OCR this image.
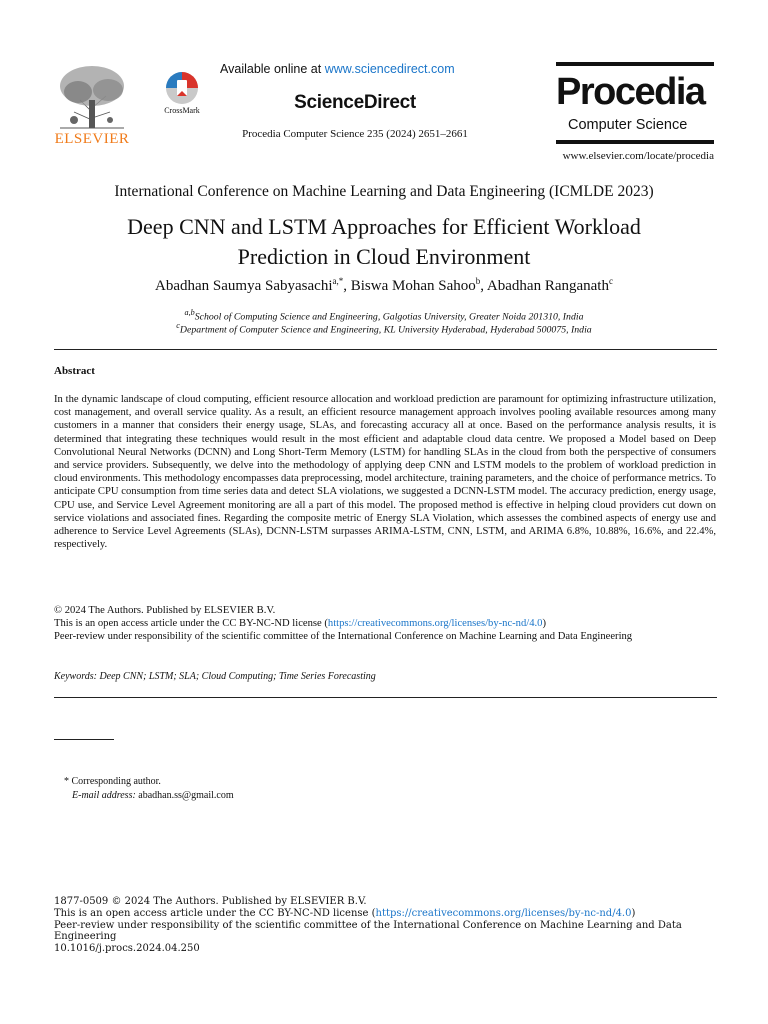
ELSEVIER
CrossMark
Available online at www.sciencedirect.com
ScienceDirect
Procedia Computer Science 235 (2024) 2651–2661
Procedia
Computer Science
www.elsevier.com/locate/procedia
International Conference on Machine Learning and Data Engineering (ICMLDE 2023)
Deep CNN and LSTM Approaches for Efficient Workload
Prediction in Cloud Environment
Abadhan Saumya Sabyasachi$^{a,*}$, Biswa Mohan Sahoo$^b$, Abadhan Ranganath$^c$
$^{a,b}$School of Computing Science and Engineering, Galgotias University, Greater Noida 201310, India
$^c$Department of Computer Science and Engineering, KL University Hyderabad, Hyderabad 500075, India
Abstract
In the dynamic landscape of cloud computing, efficient resource allocation and workload prediction are paramount for optimizing infrastructure utilization, cost management, and overall service quality. As a result, an efficient resource management approach involves pooling available resources among many customers in a manner that considers their energy usage, SLAs, and forecasting accuracy all at once. Based on the performance analysis results, it is determined that integrating these techniques would result in the most efficient and adaptable cloud data centre. We proposed a Model based on Deep Convolutional Neural Networks (DCNN) and Long Short-Term Memory (LSTM) for handling SLAs in the cloud from both the perspective of consumers and service providers. Subsequently, we delve into the methodology of applying deep CNN and LSTM models to the problem of workload prediction in cloud environments. This methodology encompasses data preprocessing, model architecture, training parameters, and the choice of performance metrics. To anticipate CPU consumption from time series data and detect SLA violations, we suggested a DCNN-LSTM model. The accuracy prediction, energy usage, CPU use, and Service Level Agreement monitoring are all a part of this model. The proposed method is effective in helping cloud providers cut down on service violations and associated fines. Regarding the composite metric of Energy SLA Violation, which assesses the combined aspects of energy use and adherence to Service Level Agreements (SLAs), DCNN-LSTM surpasses ARIMA-LSTM, CNN, LSTM, and ARIMA 6.8%, 10.88%, 16.6%, and 22.4%, respectively.
© 2024 The Authors. Published by ELSEVIER B.V.
This is an open access article under the CC BY-NC-ND license (https://creativecommons.org/licenses/by-nc-nd/4.0)
Peer-review under responsibility of the scientific committee of the International Conference on Machine Learning and Data Engineering
Keywords: Deep CNN; LSTM; SLA; Cloud Computing; Time Series Forecasting
* Corresponding author.
E-mail address: abadhan.ss@gmail.com
1877-0509 © 2024 The Authors. Published by ELSEVIER B.V.
This is an open access article under the CC BY-NC-ND license (https://creativecommons.org/licenses/by-nc-nd/4.0)
Peer-review under responsibility of the scientific committee of the International Conference on Machine Learning and Data Engineering
10.1016/j.procs.2024.04.250
